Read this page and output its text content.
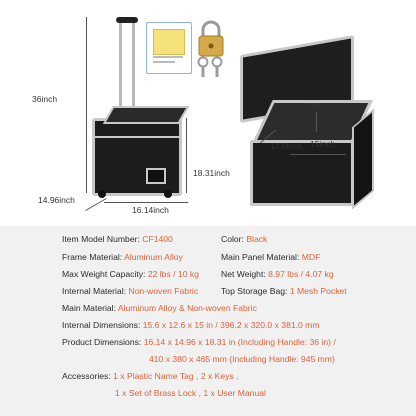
36inch
18.31inch
14.96inch
16.14inch
15.6inch
12.6inch 15inch
Item Model Number: CF1400	Color: Black
Frame Material: Aluminum Alloy	Main Panel Material: MDF
Max Weight Capacity: 22 lbs / 10 kg	Net Weight: 8.97 lbs / 4.07 kg
Internal Material: Non-woven Fabric	Top Storage Bag: 1 Mesh Pocket
Main Material: Aluminum Alloy & Non-woven Fabric
Internal Dimensions: 15.6 x 12.6 x 15 in / 396.2 x 320.0 x 381.0 mm
Product Dimensions: 16.14 x 14.96 x 18.31 in (Including Handle: 36 in) /
410 x 380 x 465 mm (Including Handle: 945 mm)
Accessories: 1 x Plastic Name Tag , 2 x Keys ,
1 x Set of Brass Lock , 1 x User Manual
